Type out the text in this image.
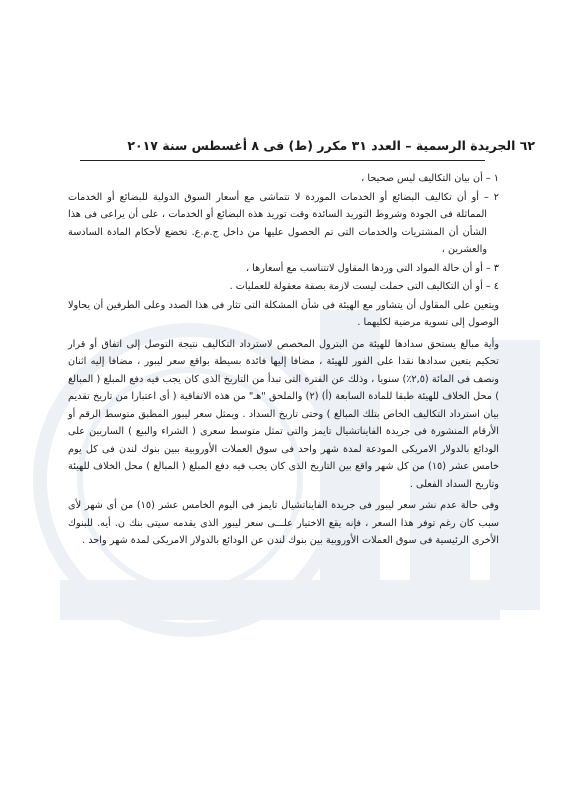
٦٢ الجريدة الرسمية – العدد ٣١ مكرر (ط) فى ٨ أغسطس سنة ٢٠١٧

١ – أن بيان التكاليف ليس صحيحا ،

٢ – أو أن تكاليف البضائع أو الخدمات الموردة لا تتماشى مع أسعار السوق الدولية للبضائع أو الخدمات المماثلة فى الجودة وشروط التوريد السائدة وقت توريد هذه البضائع أو الخدمات ، على أن يراعى فى هذا الشأن أن المشتريات والخدمات التى تم الحصول عليها من داخل ج.م.ع. تخضع لأحكام المادة السادسة والعشرين ،

٣ – أو أن حالة المواد التى وردها المقاول لاتتناسب مع أسعارها ،

٤ – أو أن التكاليف التى حملت ليست لازمة بصفة معقولة للعمليات .

ويتعين على المقاول أن يتشاور مع الهيئة فى شأن المشكلة التى تثار فى هذا الصدد وعلى الطرفين أن يحاولا الوصول إلى تسوية مرضية لكليهما .

وأية مبالغ يستحق سدادها للهيئة من البترول المخصص لاسترداد التكاليف نتيجة التوصل إلى اتفاق أو قرار تحكيم يتعين سدادها نقدا على الفور للهيئة ، مضافا إليها فائدة بسيطة بواقع سعر ليبور ، مضافا إليه اثنان ونصف فى المائة (٢,٥٪) سنويا ، وذلك عن الفترة التى تبدأ من التاريخ الذى كان يجب فيه دفع المبلغ ( المبالغ ) محل الخلاف للهيئة طبقا للمادة السابعة (أ) (٢) والملحق "هـ" من هذه الاتفاقية ( أى اعتبارا من تاريخ تقديم بيان استرداد التكاليف الخاص بتلك المبالغ ) وحتى تاريخ السداد . ويمثل سعر ليبور المطبق متوسط الرقم أو الأرقام المنشورة فى جريدة الفايناتشيال تايمز والتى تمثل متوسط سعرى ( الشراء والبيع ) الساريين على الودائع بالدولار الامريكى المودعة لمدة شهر واحد فى سوق العملات الأوروبية ببين بنوك لندن فى كل يوم خامس عشر (١٥) من كل شهر واقع بين التاريخ الذى كان يجب فيه دفع المبلغ ( المبالغ ) محل الخلاف للهيئة وتاريخ السداد الفعلى .

وفى حالة عدم نشر سعر ليبور فى جريدة الفايناتشيال تايمز فى اليوم الخامس عشر (١٥) من أى شهر لأى سبب كان رغم توفر هذا السعر ، فإنه يقع الاختيار علـــى سعر ليبور الذى يقدمه سيتى بنك ن. أيه. للبنوك الأخرى الرئيسية فى سوق العملات الأوروبية بين بنوك لندن عن الودائع بالدولار الامريكى لمدة شهر واحد .
